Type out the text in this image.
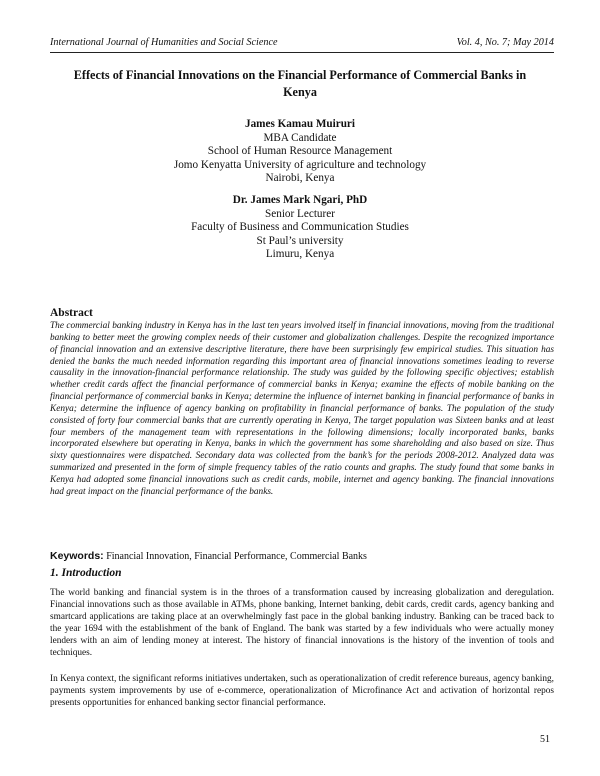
International Journal of Humanities and Social Science	Vol. 4, No. 7; May 2014
Effects of Financial Innovations on the Financial Performance of Commercial Banks in Kenya
James Kamau Muiruri
MBA Candidate
School of Human Resource Management
Jomo Kenyatta University of agriculture and technology
Nairobi, Kenya
Dr. James Mark Ngari, PhD
Senior Lecturer
Faculty of Business and Communication Studies
St Paul’s university
Limuru, Kenya
Abstract
The commercial banking industry in Kenya has in the last ten years involved itself in financial innovations, moving from the traditional banking to better meet the growing complex needs of their customer and globalization challenges. Despite the recognized importance of financial innovation and an extensive descriptive literature, there have been surprisingly few empirical studies. This situation has denied the banks the much needed information regarding this important area of financial innovations sometimes leading to reverse causality in the innovation-financial performance relationship. The study was guided by the following specific objectives; establish whether credit cards affect the financial performance of commercial banks in Kenya; examine the effects of mobile banking on the financial performance of commercial banks in Kenya; determine the influence of internet banking in financial performance of banks in Kenya; determine the influence of agency banking on profitability in financial performance of banks. The population of the study consisted of forty four commercial banks that are currently operating in Kenya, The target population was Sixteen banks and at least four members of the management team with representations in the following dimensions; locally incorporated banks, banks incorporated elsewhere but operating in Kenya, banks in which the government has some shareholding and also based on size. Thus sixty questionnaires were dispatched. Secondary data was collected from the bank’s for the periods 2008-2012. Analyzed data was summarized and presented in the form of simple frequency tables of the ratio counts and graphs. The study found that some banks in Kenya had adopted some financial innovations such as credit cards, mobile, internet and agency banking. The financial innovations had great impact on the financial performance of the banks.
Keywords: Financial Innovation, Financial Performance, Commercial Banks
1. Introduction
The world banking and financial system is in the throes of a transformation caused by increasing globalization and deregulation. Financial innovations such as those available in ATMs, phone banking, Internet banking, debit cards, credit cards, agency banking and smartcard applications are taking place at an overwhelmingly fast pace in the global banking industry. Banking can be traced back to the year 1694 with the establishment of the bank of England. The bank was started by a few individuals who were actually money lenders with an aim of lending money at interest. The history of financial innovations is the history of the invention of tools and techniques.
In Kenya context, the significant reforms initiatives undertaken, such as operationalization of credit reference bureaus, agency banking, payments system improvements by use of e-commerce, operationalization of Microfinance Act and activation of horizontal repos presents opportunities for enhanced banking sector financial performance.
51
